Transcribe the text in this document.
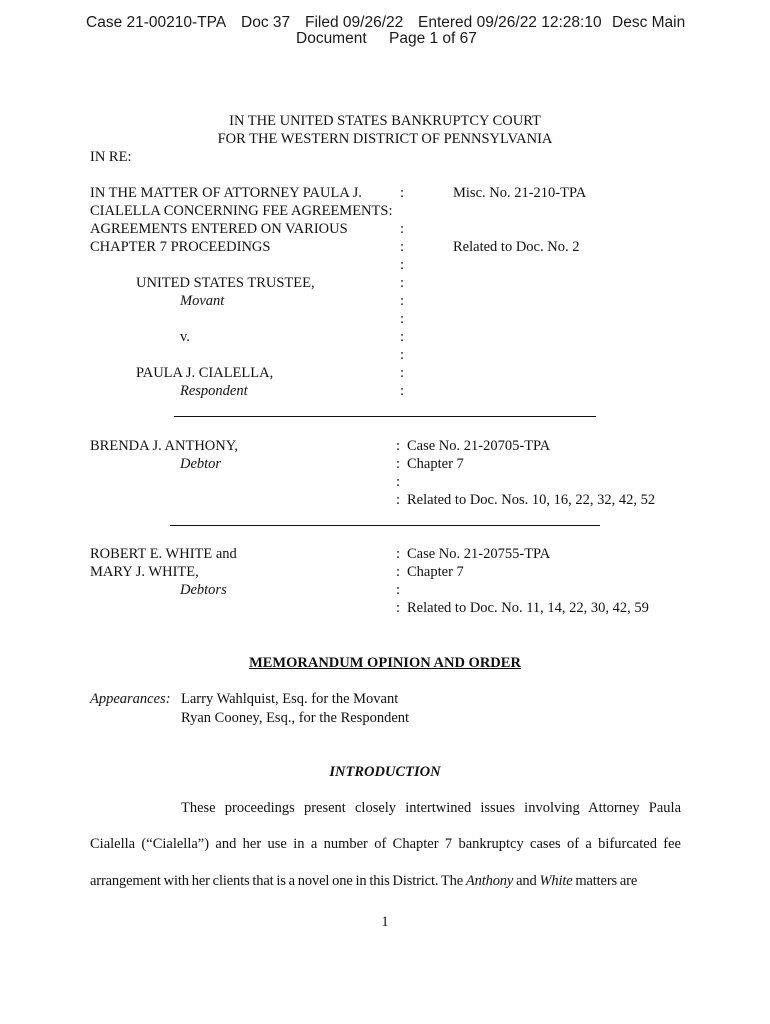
Case 21-00210-TPA Doc 37 Filed 09/26/22 Entered 09/26/22 12:28:10 Desc Main
Document Page 1 of 67
IN THE UNITED STATES BANKRUPTCY COURT
FOR THE WESTERN DISTRICT OF PENNSYLVANIA
IN RE:
IN THE MATTER OF ATTORNEY PAULA J.
CIALELLA CONCERNING FEE AGREEMENTS:
AGREEMENTS ENTERED ON VARIOUS
CHAPTER 7 PROCEEDINGS
UNITED STATES TRUSTEE,
Movant
v.
PAULA J. CIALELLA,
Respondent
:
:
:
:
:
:
:
:
:
:
:
Misc. No. 21-210-TPA
Related to Doc. No. 2
BRENDA J. ANTHONY,
Debtor
:
:
:
:
Case No. 21-20705-TPA
Chapter 7
Related to Doc. Nos. 10, 16, 22, 32, 42, 52
ROBERT E. WHITE and
MARY J. WHITE,
Debtors
:
:
:
:
Case No. 21-20755-TPA
Chapter 7
Related to Doc. No. 11, 14, 22, 30, 42, 59
MEMORANDUM OPINION AND ORDER
Appearances: Larry Wahlquist, Esq. for the Movant
Ryan Cooney, Esq., for the Respondent
INTRODUCTION
These proceedings present closely intertwined issues involving Attorney Paula
Cialella (“Cialella”) and her use in a number of Chapter 7 bankruptcy cases of a bifurcated fee
arrangement with her clients that is a novel one in this District. The Anthony and White matters are
1
